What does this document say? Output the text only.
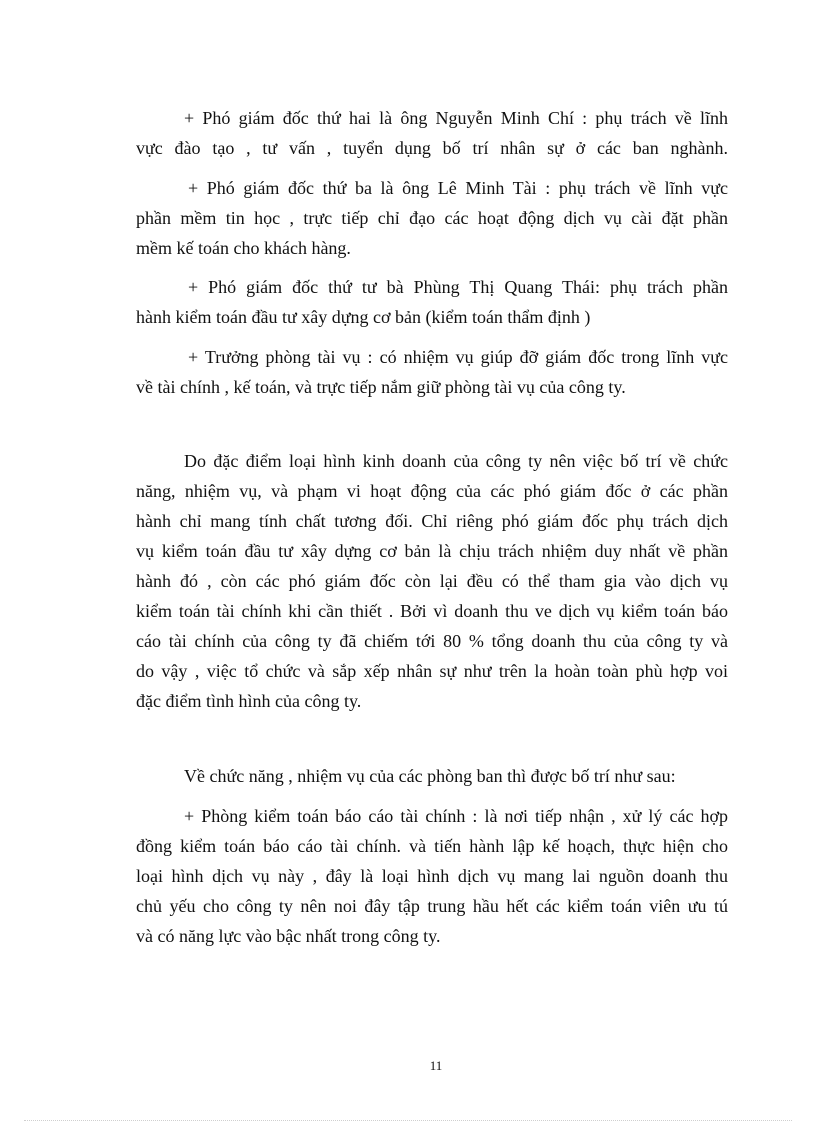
+ Phó giám đốc thứ hai là ông Nguyễn Minh Chí : phụ trách về lĩnh
vực đào tạo , tư vấn , tuyển dụng bố trí nhân sự ở các ban nghành.
+ Phó giám đốc thứ ba là ông Lê Minh Tài : phụ trách về lĩnh vực
phần mềm tin học , trực tiếp chỉ đạo các hoạt động dịch vụ cài đặt phần
mềm kế toán cho khách hàng.
+ Phó giám đốc thứ tư bà Phùng Thị Quang Thái: phụ trách phần
hành kiểm toán đầu tư xây dựng cơ bản (kiểm toán thẩm định )
+ Trưởng phòng tài vụ : có nhiệm vụ giúp đỡ giám đốc trong lĩnh vực
về tài chính , kế toán, và trực tiếp nắm giữ phòng tài vụ của công ty.
Do đặc điểm loại hình kinh doanh của công ty nên việc bố trí về chức
năng, nhiệm vụ, và phạm vi hoạt động của các phó giám đốc ở các phần
hành chỉ mang tính chất tương đối. Chỉ riêng phó giám đốc phụ trách dịch
vụ kiểm toán đầu tư xây dựng cơ bản là chịu trách nhiệm duy nhất về phần
hành đó , còn các phó giám đốc còn lại đều có thể tham gia vào dịch vụ
kiểm toán tài chính khi cần thiết . Bởi vì doanh thu ve dịch vụ kiểm toán báo
cáo tài chính của công ty đã chiếm tới 80 % tổng doanh thu của công ty và
do vậy , việc tổ chức và sắp xếp nhân sự như trên la hoàn toàn phù hợp voi
đặc điểm tình hình của công ty.
Về chức năng , nhiệm vụ của các phòng ban thì được bố trí như sau:
+ Phòng kiểm toán báo cáo tài chính : là nơi tiếp nhận , xử lý các hợp
đồng kiểm toán báo cáo tài chính. và tiến hành lập kế hoạch, thực hiện cho
loại hình dịch vụ này , đây là loại hình dịch vụ mang lai nguồn doanh thu
chủ yếu cho công ty nên noi đây tập trung hầu hết các kiểm toán viên ưu tú
và có năng lực vào bậc nhất trong công ty.
11
